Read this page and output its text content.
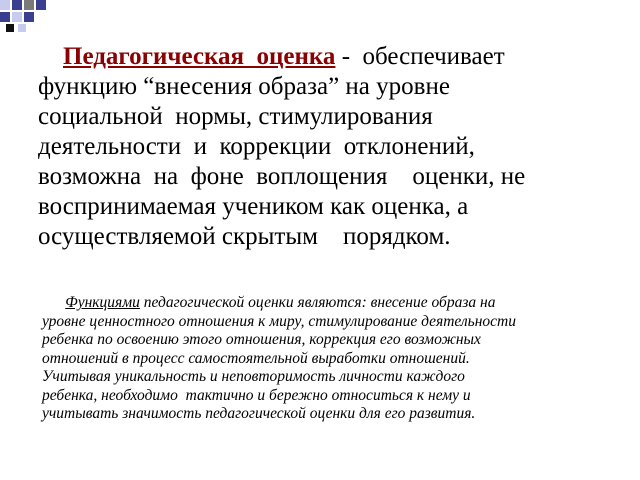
Педагогическая  оценка -  обеспечивает
функцию “внесения образа” на уровне
социальной  нормы, стимулирования
деятельности  и  коррекции  отклонений,
возможна  на  фоне  воплощения    оценки, не
воспринимаемая учеником как оценка, а
осуществляемой скрытым    порядком.
Функциями педагогической оценки являются: внесение образа на
уровне ценностного отношения к миру, стимулирование деятельности
ребенка по освоению этого отношения, коррекция его возможных
отношений в процесс самостоятельной выработки отношений.
Учитывая уникальность и неповторимость личности каждого
ребенка, необходимо  тактично и бережно относиться к нему и
учитывать значимость педагогической оценки для его развития.
